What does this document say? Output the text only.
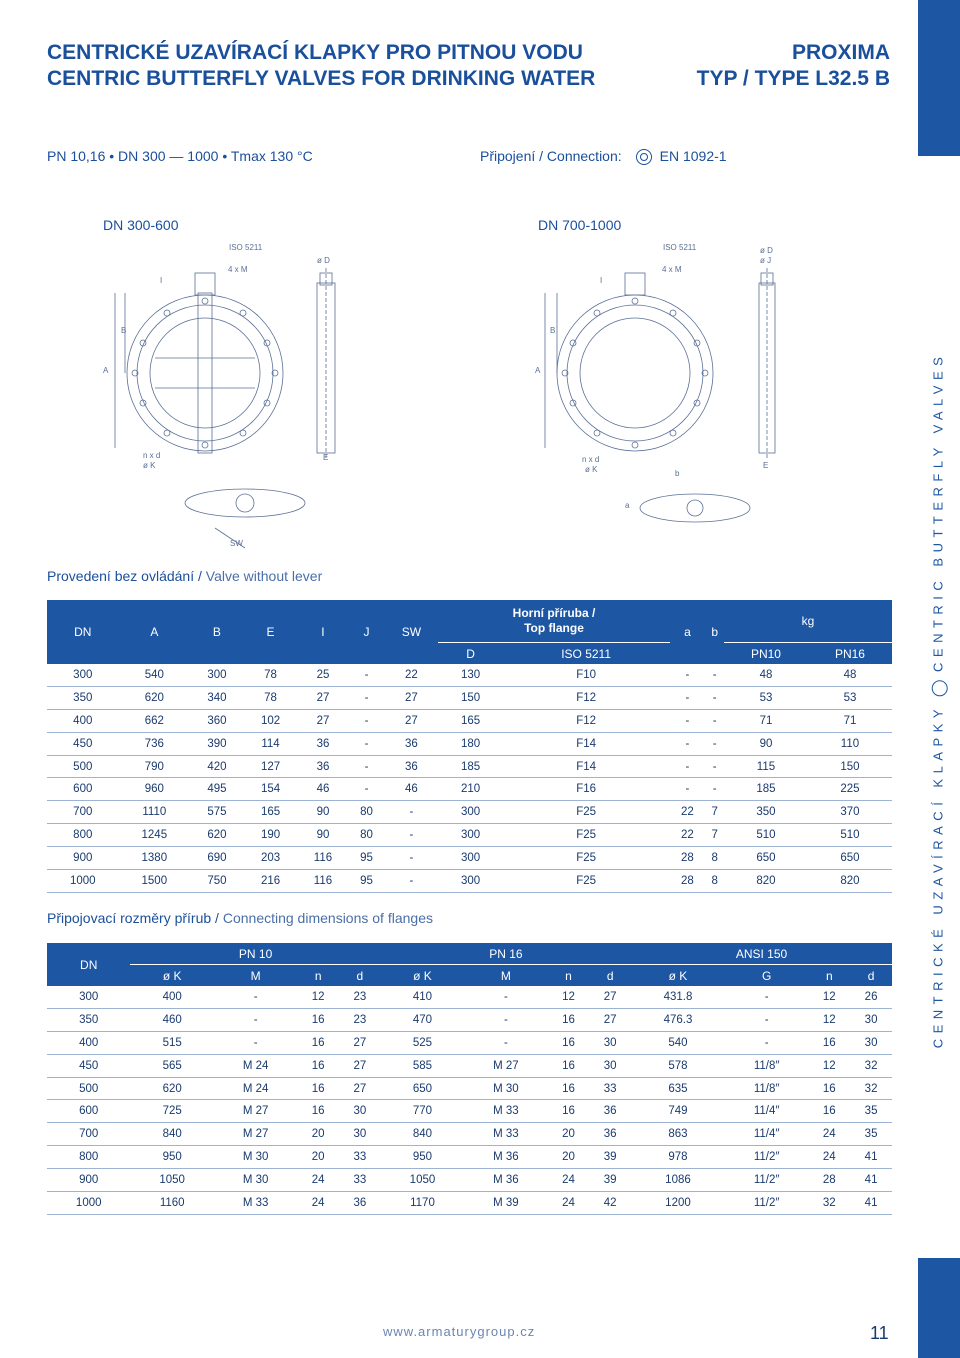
CENTRICKÉ UZAVÍRACÍ KLAPKYCENTRIC BUTTERFLY VALVES
CENTRICKÉ UZAVÍRACÍ KLAPKY PRO PITNOU VODU
CENTRIC BUTTERFLY VALVES FOR DRINKING WATER
PROXIMA
TYP / TYPE L32.5 B
PN 10,16 • DN 300 — 1000 • Tmax 130 °C	Připojení / Connection:	EN 1092-1
DN 300-600	DN 700-1000
ISO 5211
4 x M
ø D
I
B
A
n x d
ø K
E
SW
ISO 5211
4 x M
ø D
ø J
I
B
A
n x d
ø K	E
a
b
Provedení bez ovládání / Valve without lever
DN	A	B	E	I	J	SW	Horní příruba /
Top flange		a	b	kg	
							D	ISO 5211			PN10	PN16
300	540	300	78	25	-	22	130	F10	-	-	48	48
350	620	340	78	27	-	27	150	F12	-	-	53	53
400	662	360	102	27	-	27	165	F12	-	-	71	71
450	736	390	114	36	-	36	180	F14	-	-	90	110
500	790	420	127	36	-	36	185	F14	-	-	115	150
600	960	495	154	46	-	46	210	F16	-	-	185	225
700	1110	575	165	90	80	-	300	F25	22	7	350	370
800	1245	620	190	90	80	-	300	F25	22	7	510	510
900	1380	690	203	116	95	-	300	F25	28	8	650	650
1000	1500	750	216	116	95	-	300	F25	28	8	820	820
Připojovací rozměry přírub / Connecting dimensions of flanges
DN	PN 10				PN 16				ANSI 150			
	ø K	M	n	d	ø K	M	n	d	ø K	G	n	d
300	400	-	12	23	410	-	12	27	431.8	-	12	26
350	460	-	16	23	470	-	16	27	476.3	-	12	30
400	515	-	16	27	525	-	16	30	540	-	16	30
450	565	M 24	16	27	585	M 27	16	30	578	11/8″	12	32
500	620	M 24	16	27	650	M 30	16	33	635	11/8″	16	32
600	725	M 27	16	30	770	M 33	16	36	749	11/4″	16	35
700	840	M 27	20	30	840	M 33	20	36	863	11/4″	24	35
800	950	M 30	20	33	950	M 36	20	39	978	11/2″	24	41
900	1050	M 30	24	33	1050	M 36	24	39	1086	11/2″	28	41
1000	1160	M 33	24	36	1170	M 39	24	42	1200	11/2″	32	41
www.armaturygroup.cz	11
